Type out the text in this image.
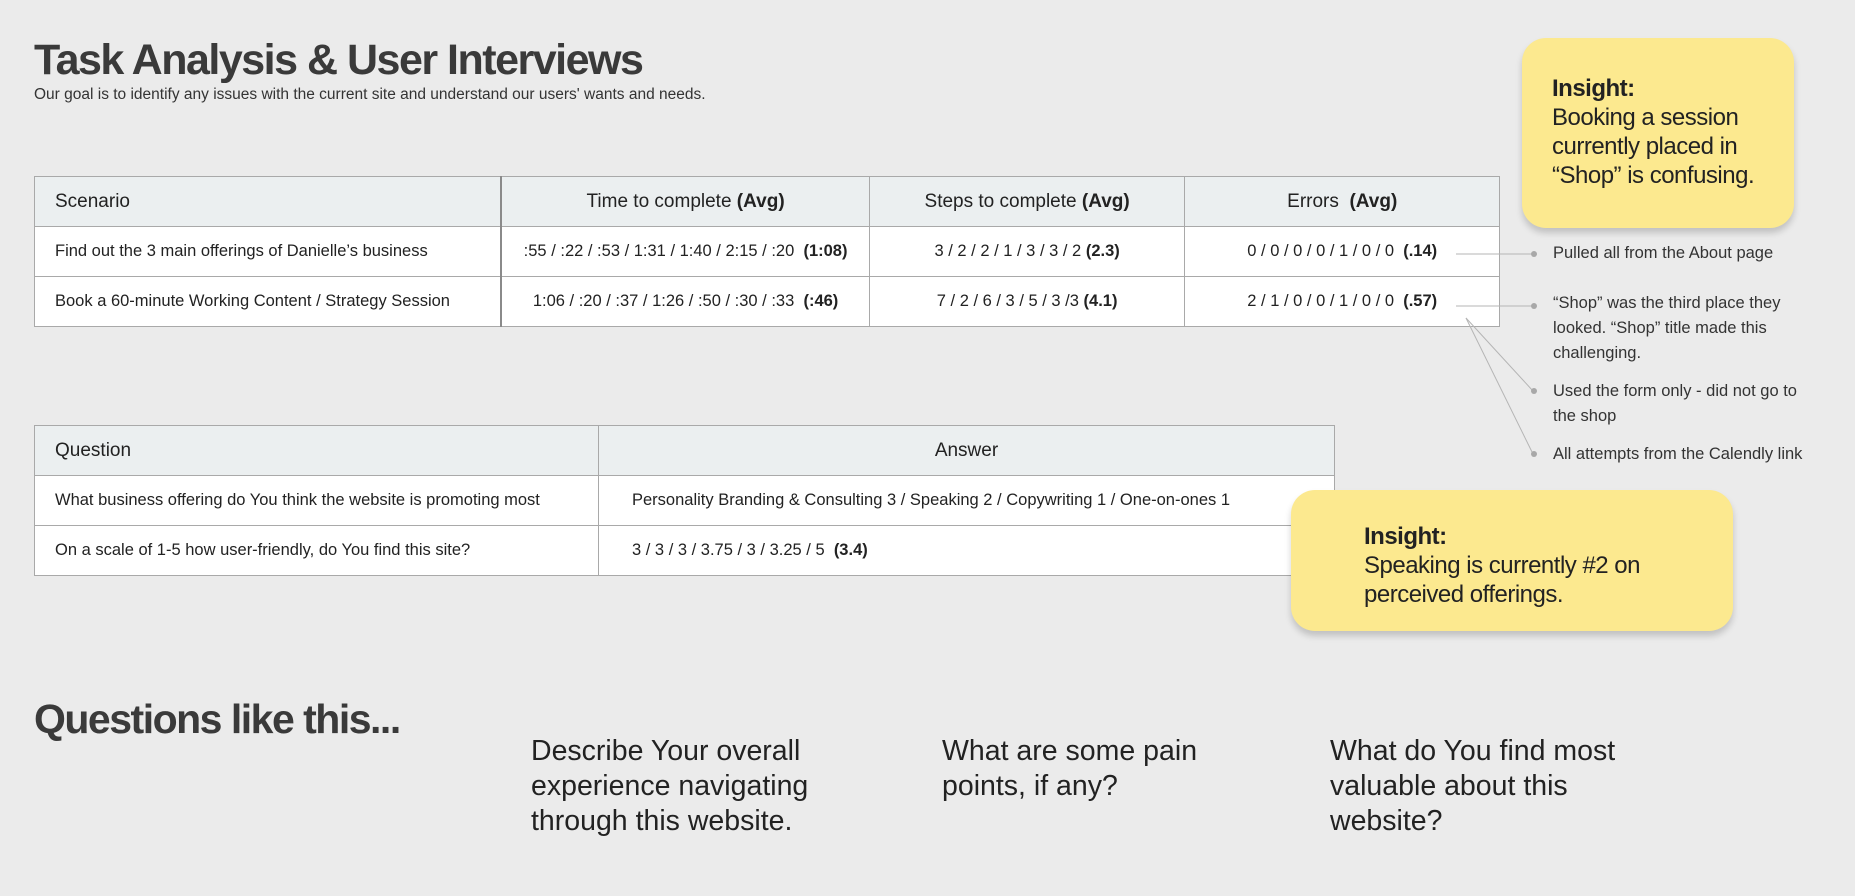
Task Analysis & User Interviews
Our goal is to identify any issues with the current site and understand our users' wants and needs.
Scenario	Time to complete (Avg)	Steps to complete (Avg)	Errors (Avg)
Find out the 3 main offerings of Danielle’s business	:55 / :22 / :53 / 1:31 / 1:40 / 2:15 / :20 (1:08)	3 / 2 / 2 / 1 / 3 / 3 / 2 (2.3)	0 / 0 / 0 / 0 / 1 / 0 / 0 (.14)
Book a 60-minute Working Content / Strategy Session	1:06 / :20 / :37 / 1:26 / :50 / :30 / :33 (:46)	7 / 2 / 6 / 3 / 5 / 3 /3 (4.1)	2 / 1 / 0 / 0 / 1 / 0 / 0 (.57)
Question	Answer
What business offering do You think the website is promoting most	Personality Branding & Consulting 3 / Speaking 2 / Copywriting 1 / One-on-ones 1
On a scale of 1-5 how user-friendly, do You find this site?	3 / 3 / 3 / 3.75 / 3 / 3.25 / 5 (3.4)
Pulled all from the About page
“Shop” was the third place they looked. “Shop” title made this challenging.
Used the form only - did not go to the shop
All attempts from the Calendly link
Insight:
Booking a session currently placed in “Shop” is confusing.
Insight:
Speaking is currently #2 on perceived offerings.
Questions like this...
Describe Your overall experience navigating through this website.
What are some pain points, if any?
What do You find most valuable about this website?
